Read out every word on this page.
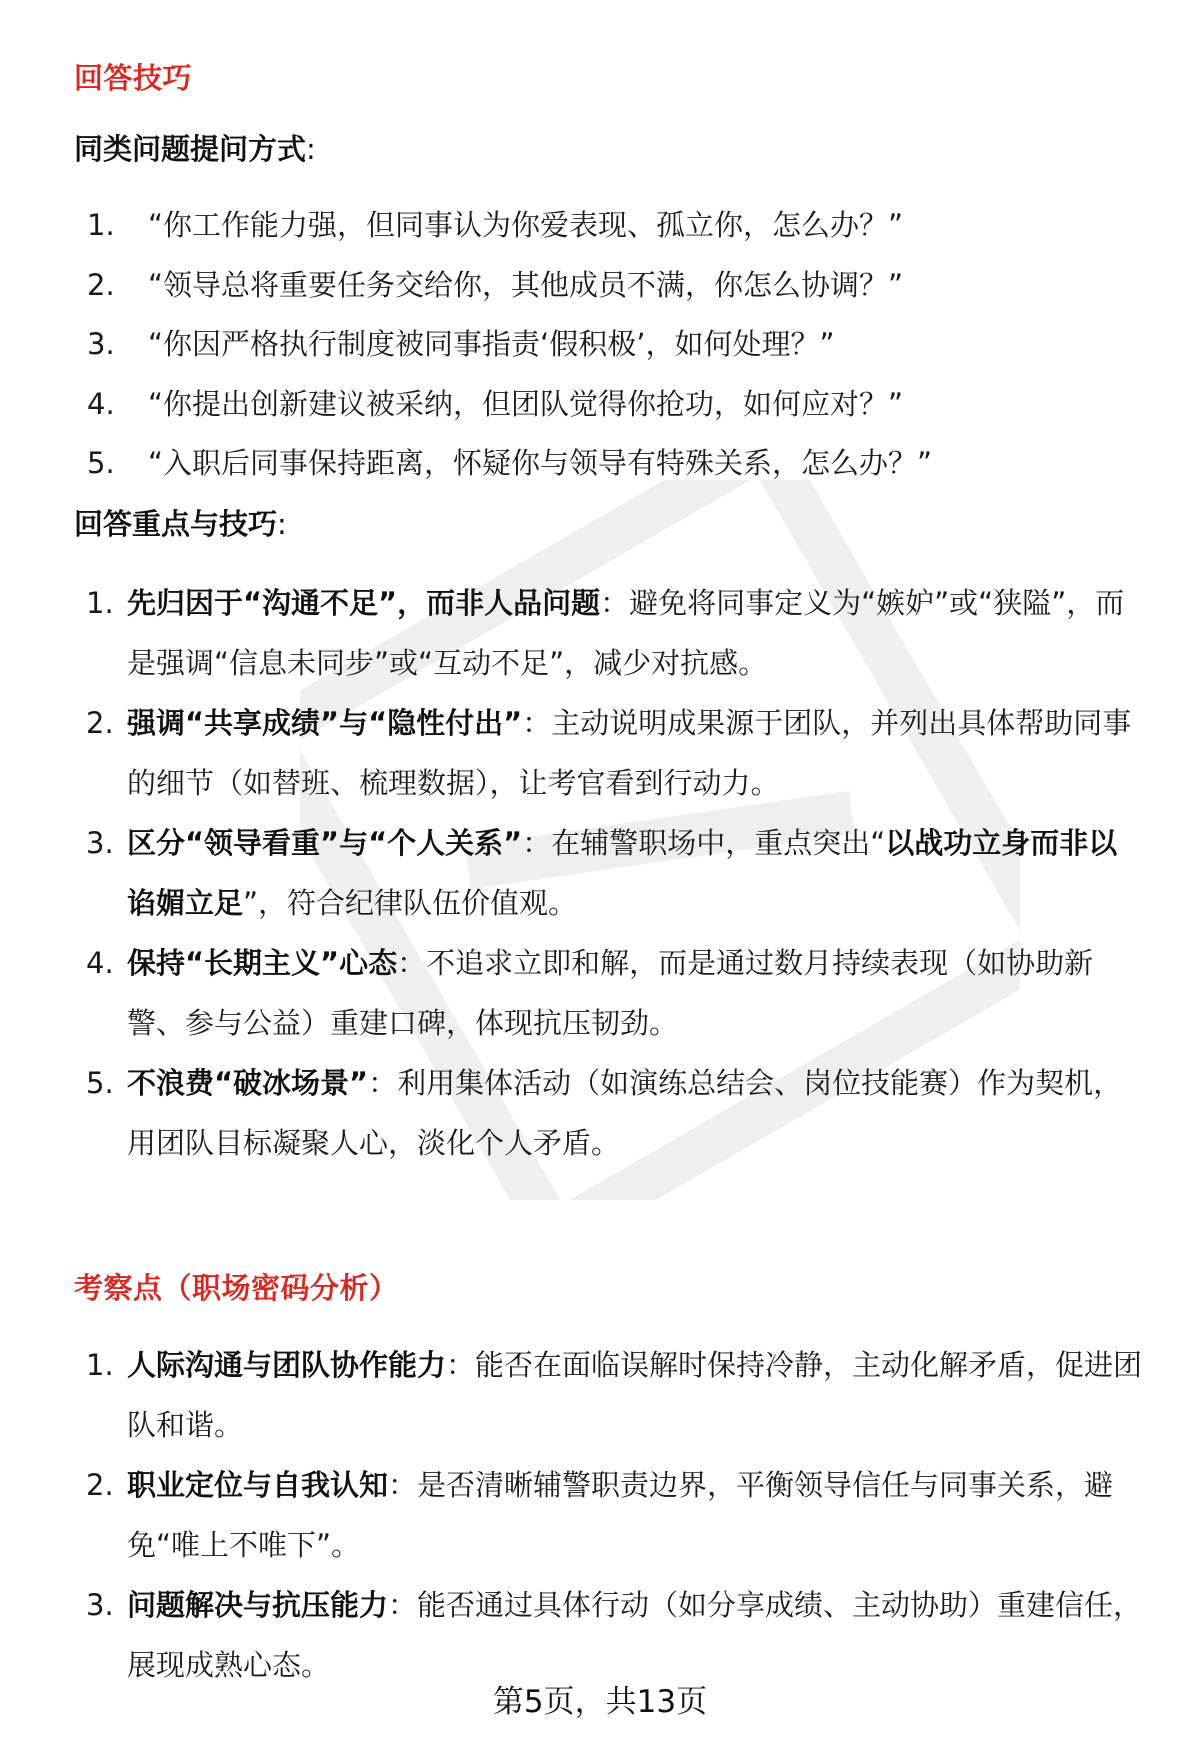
回答技巧
同类问题提问方式:
1. “你工作能力强，但同事认为你爱表现、孤立你，怎么办？”
2. “领导总将重要任务交给你，其他成员不满，你怎么协调？”
3. “你因严格执行制度被同事指责‘假积极’，如何处理？”
4. “你提出创新建议被采纳，但团队觉得你抢功，如何应对？”
5. “入职后同事保持距离，怀疑你与领导有特殊关系，怎么办？”
回答重点与技巧:
1. 先归因于“沟通不足”，而非人品问题：避免将同事定义为“嫉妒”或“狭隘”，而是强调“信息未同步”或“互动不足”，减少对抗感。
2. 强调“共享成绩”与“隐性付出”：主动说明成果源于团队，并列出具体帮助同事的细节（如替班、梳理数据），让考官看到行动力。
3. 区分“领导看重”与“个人关系”：在辅警职场中，重点突出“以战功立身而非以谄媚立足”，符合纪律队伍价值观。
4. 保持“长期主义”心态：不追求立即和解，而是通过数月持续表现（如协助新警、参与公益）重建口碑，体现抗压韧劲。
5. 不浪费“破冰场景”：利用集体活动（如演练总结会、岗位技能赛）作为契机，用团队目标凝聚人心，淡化个人矛盾。
考察点（职场密码分析）
1. 人际沟通与团队协作能力：能否在面临误解时保持冷静，主动化解矛盾，促进团队和谐。
2. 职业定位与自我认知：是否清晰辅警职责边界，平衡领导信任与同事关系，避免“唯上不唯下”。
3. 问题解决与抗压能力：能否通过具体行动（如分享成绩、主动协助）重建信任，展现成熟心态。
第5页，共13页
